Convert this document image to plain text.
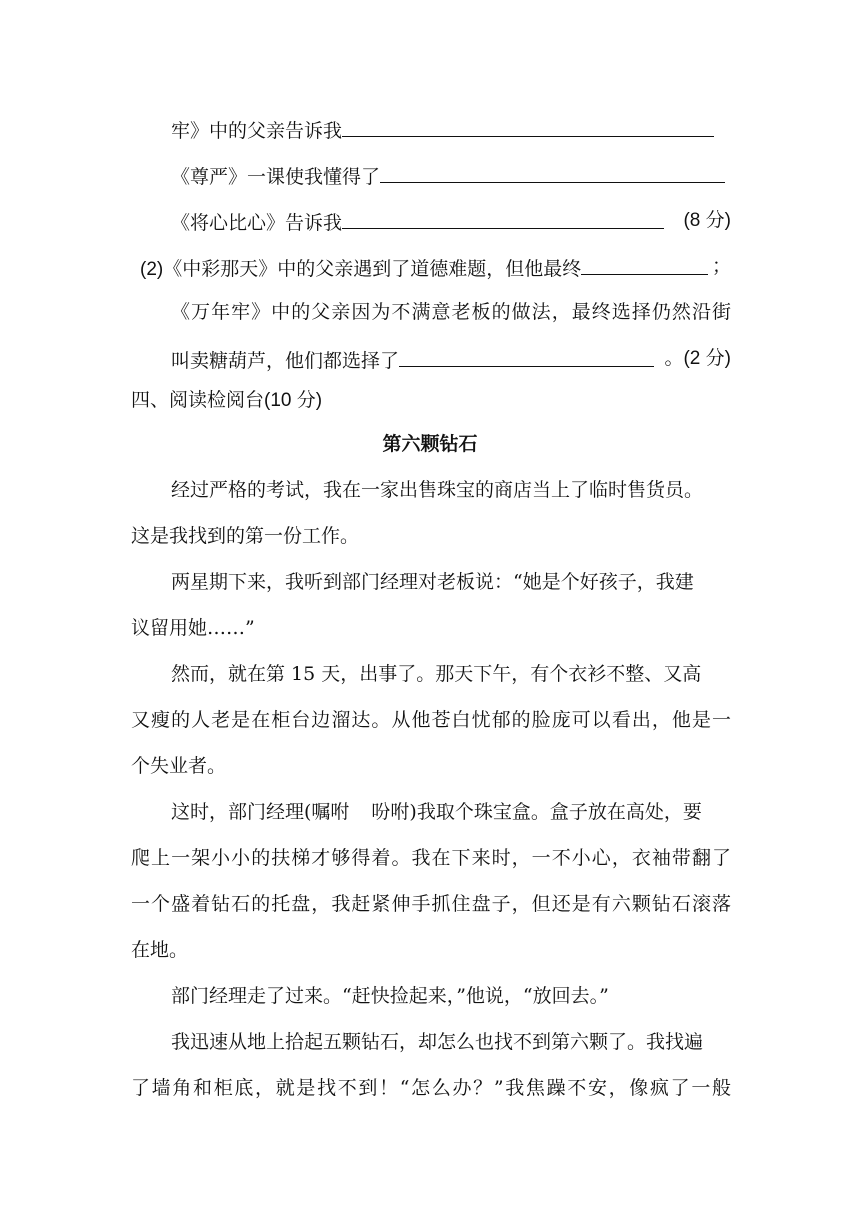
牢》中的父亲告诉我
《尊严》一课使我懂得了
《将心比心》告诉我	(8 分)
(2)《中彩那天》中的父亲遇到了道德难题，但他最终	；
《万年牢》中的父亲因为不满意老板的做法，最终选择仍然沿街
叫卖糖葫芦，他们都选择了	。(2 分)
四、阅读检阅台(10 分)
第六颗钻石
经过严格的考试，我在一家出售珠宝的商店当上了临时售货员。
这是我找到的第一份工作。
两星期下来，我听到部门经理对老板说：“她是个好孩子，我建
议留用她……”
然而，就在第 15 天，出事了。那天下午，有个衣衫不整、又高
又瘦的人老是在柜台边溜达。从他苍白忧郁的脸庞可以看出，他是一
个失业者。
这时，部门经理(嘱咐 吩咐)我取个珠宝盒。盒子放在高处，要
爬上一架小小的扶梯才够得着。我在下来时，一不小心，衣袖带翻了
一个盛着钻石的托盘，我赶紧伸手抓住盘子，但还是有六颗钻石滚落
在地。
部门经理走了过来。“赶快捡起来，”他说，“放回去。”
我迅速从地上拾起五颗钻石，却怎么也找不到第六颗了。我找遍
了墙角和柜底，就是找不到！“怎么办？”我焦躁不安，像疯了一般
